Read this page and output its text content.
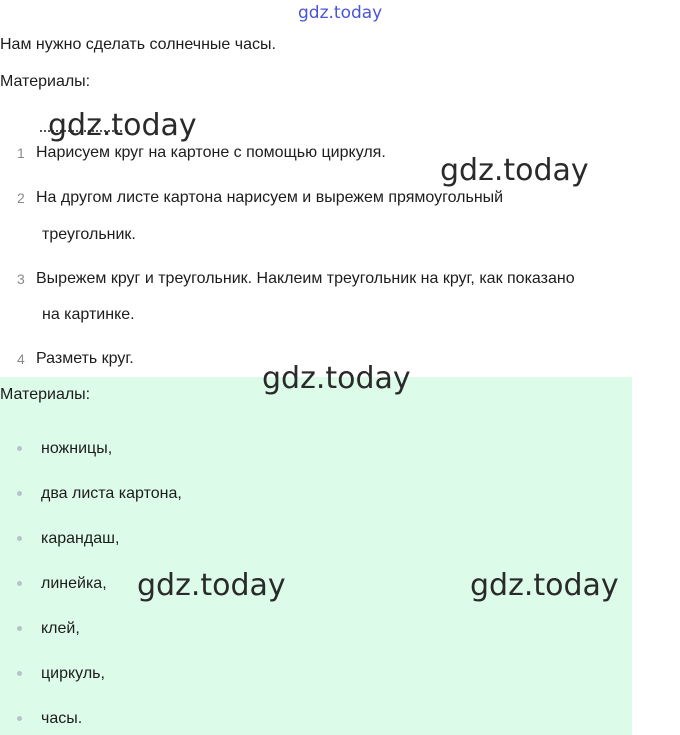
gdz.today
Нам нужно сделать солнечные часы.
Материалы:
1 Нарисуем круг на картоне с помощью циркуля.
2 На другом листе картона нарисуем и вырежем прямоугольный
треугольник.
3 Вырежем круг и треугольник. Наклеим треугольник на круг, как показано
на картинке.
4 Разметь круг.
Материалы:
ножницы,
два листа картона,
карандаш,
линейка,
клей,
циркуль,
часы.
gdz.today
gdz.today
gdz.today
gdz.today	gdz.today
